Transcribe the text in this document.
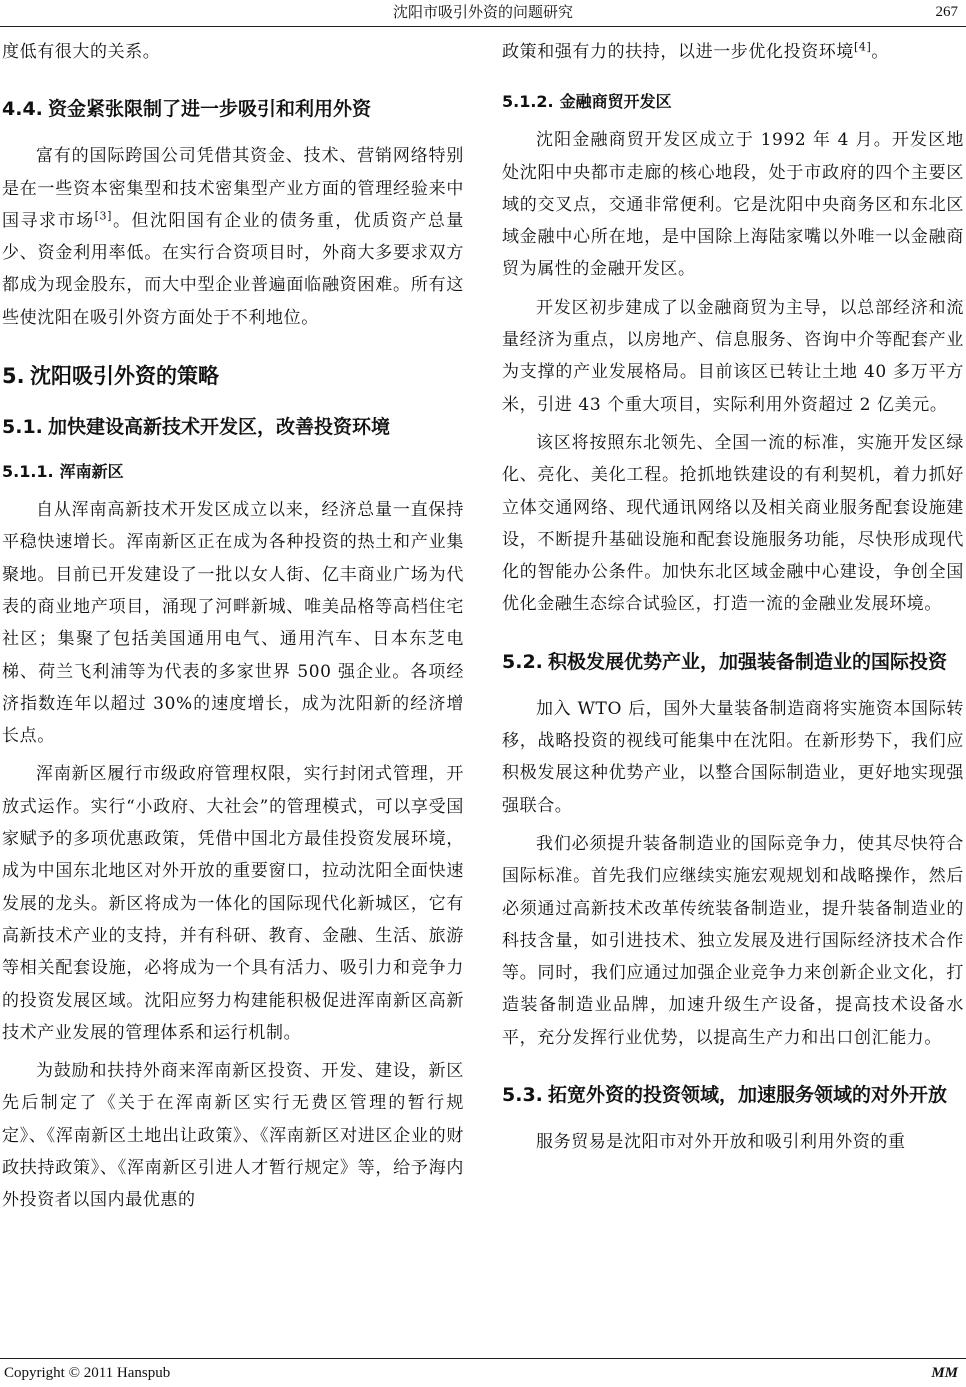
沈阳市吸引外资的问题研究	267

度低有很大的关系。

4.4. 资金紧张限制了进一步吸引和利用外资

富有的国际跨国公司凭借其资金、技术、营销网络特别是在一些资本密集型和技术密集型产业方面的管理经验来中国寻求市场[3]。但沈阳国有企业的债务重，优质资产总量少、资金利用率低。在实行合资项目时，外商大多要求双方都成为现金股东，而大中型企业普遍面临融资困难。所有这些使沈阳在吸引外资方面处于不利地位。

5. 沈阳吸引外资的策略
5.1. 加快建设高新技术开发区，改善投资环境
5.1.1. 浑南新区

自从浑南高新技术开发区成立以来，经济总量一直保持平稳快速增长。浑南新区正在成为各种投资的热土和产业集聚地。目前已开发建设了一批以女人街、亿丰商业广场为代表的商业地产项目，涌现了河畔新城、唯美品格等高档住宅社区；集聚了包括美国通用电气、通用汽车、日本东芝电梯、荷兰飞利浦等为代表的多家世界 500 强企业。各项经济指数连年以超过 30%的速度增长，成为沈阳新的经济增长点。

浑南新区履行市级政府管理权限，实行封闭式管理，开放式运作。实行“小政府、大社会”的管理模式，可以享受国家赋予的多项优惠政策，凭借中国北方最佳投资发展环境，成为中国东北地区对外开放的重要窗口，拉动沈阳全面快速发展的龙头。新区将成为一体化的国际现代化新城区，它有高新技术产业的支持，并有科研、教育、金融、生活、旅游等相关配套设施，必将成为一个具有活力、吸引力和竞争力的投资发展区域。沈阳应努力构建能积极促进浑南新区高新技术产业发展的管理体系和运行机制。

为鼓励和扶持外商来浑南新区投资、开发、建设，新区先后制定了《关于在浑南新区实行无费区管理的暂行规定》、《浑南新区土地出让政策》、《浑南新区对进区企业的财政扶持政策》、《浑南新区引进人才暂行规定》等，给予海内外投资者以国内最优惠的

政策和强有力的扶持，以进一步优化投资环境[4]。

5.1.2. 金融商贸开发区

沈阳金融商贸开发区成立于 1992 年 4 月。开发区地处沈阳中央都市走廊的核心地段，处于市政府的四个主要区域的交叉点，交通非常便利。它是沈阳中央商务区和东北区域金融中心所在地，是中国除上海陆家嘴以外唯一以金融商贸为属性的金融开发区。

开发区初步建成了以金融商贸为主导，以总部经济和流量经济为重点，以房地产、信息服务、咨询中介等配套产业为支撑的产业发展格局。目前该区已转让土地 40 多万平方米，引进 43 个重大项目，实际利用外资超过 2 亿美元。

该区将按照东北领先、全国一流的标准，实施开发区绿化、亮化、美化工程。抢抓地铁建设的有利契机，着力抓好立体交通网络、现代通讯网络以及相关商业服务配套设施建设，不断提升基础设施和配套设施服务功能，尽快形成现代化的智能办公条件。加快东北区域金融中心建设，争创全国优化金融生态综合试验区，打造一流的金融业发展环境。

5.2. 积极发展优势产业，加强装备制造业的国际投资

加入 WTO 后，国外大量装备制造商将实施资本国际转移，战略投资的视线可能集中在沈阳。在新形势下，我们应积极发展这种优势产业，以整合国际制造业，更好地实现强强联合。

我们必须提升装备制造业的国际竞争力，使其尽快符合国际标准。首先我们应继续实施宏观规划和战略操作，然后必须通过高新技术改革传统装备制造业，提升装备制造业的科技含量，如引进技术、独立发展及进行国际经济技术合作等。同时，我们应通过加强企业竞争力来创新企业文化，打造装备制造业品牌，加速升级生产设备，提高技术设备水平，充分发挥行业优势，以提高生产力和出口创汇能力。

5.3. 拓宽外资的投资领域，加速服务领域的对外开放

服务贸易是沈阳市对外开放和吸引利用外资的重

Copyright © 2011 Hanspub	MM
